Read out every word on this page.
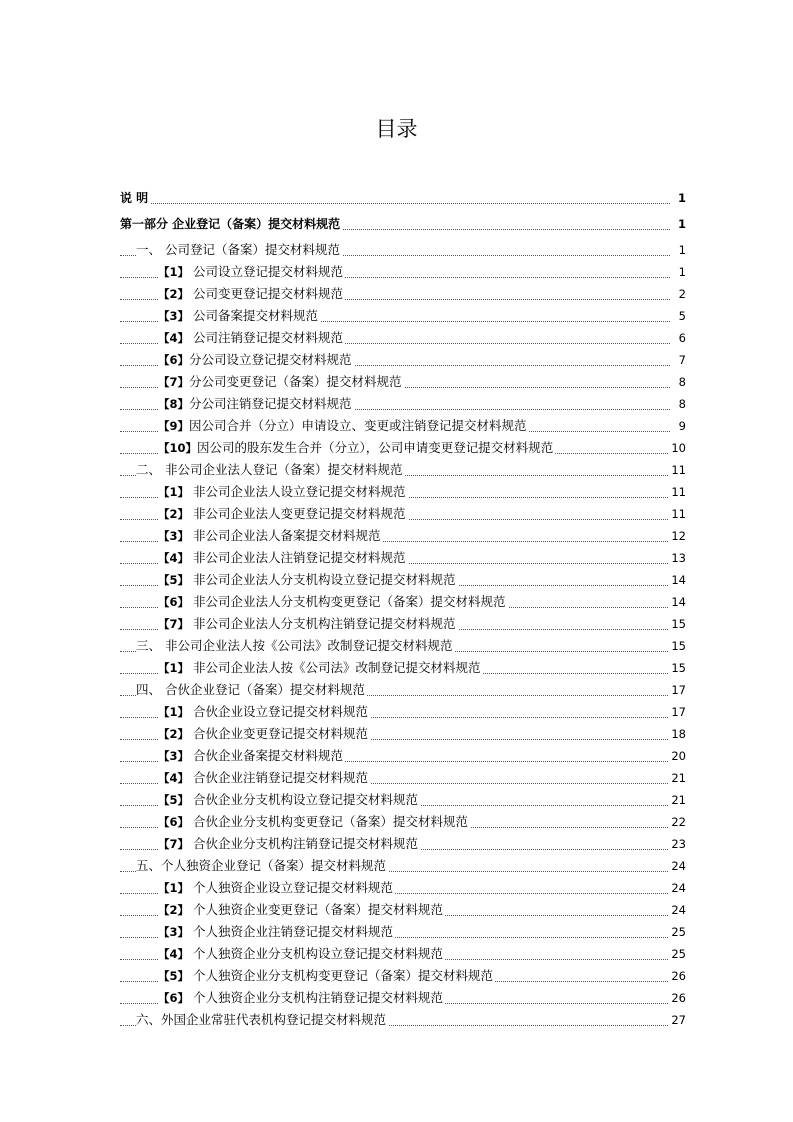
目录
说 明	1
第一部分 企业登记（备案）提交材料规范	1
一、 公司登记（备案）提交材料规范	1
【1】 公司设立登记提交材料规范	1
【2】 公司变更登记提交材料规范	2
【3】 公司备案提交材料规范	5
【4】 公司注销登记提交材料规范	6
【6】分公司设立登记提交材料规范	7
【7】分公司变更登记（备案）提交材料规范	8
【8】分公司注销登记提交材料规范	8
【9】因公司合并（分立）申请设立、变更或注销登记提交材料规范	9
【10】因公司的股东发生合并（分立），公司申请变更登记提交材料规范	10
二、 非公司企业法人登记（备案）提交材料规范	11
【1】 非公司企业法人设立登记提交材料规范	11
【2】 非公司企业法人变更登记提交材料规范	11
【3】 非公司企业法人备案提交材料规范	12
【4】 非公司企业法人注销登记提交材料规范	13
【5】 非公司企业法人分支机构设立登记提交材料规范	14
【6】 非公司企业法人分支机构变更登记（备案）提交材料规范	14
【7】 非公司企业法人分支机构注销登记提交材料规范	15
三、 非公司企业法人按《公司法》改制登记提交材料规范	15
【1】 非公司企业法人按《公司法》改制登记提交材料规范	15
四、 合伙企业登记（备案）提交材料规范	17
【1】 合伙企业设立登记提交材料规范	17
【2】 合伙企业变更登记提交材料规范	18
【3】 合伙企业备案提交材料规范	20
【4】 合伙企业注销登记提交材料规范	21
【5】 合伙企业分支机构设立登记提交材料规范	21
【6】 合伙企业分支机构变更登记（备案）提交材料规范	22
【7】 合伙企业分支机构注销登记提交材料规范	23
五、个人独资企业登记（备案）提交材料规范	24
【1】 个人独资企业设立登记提交材料规范	24
【2】 个人独资企业变更登记（备案）提交材料规范	24
【3】 个人独资企业注销登记提交材料规范	25
【4】 个人独资企业分支机构设立登记提交材料规范	25
【5】 个人独资企业分支机构变更登记（备案）提交材料规范	26
【6】 个人独资企业分支机构注销登记提交材料规范	26
六、外国企业常驻代表机构登记提交材料规范	27
